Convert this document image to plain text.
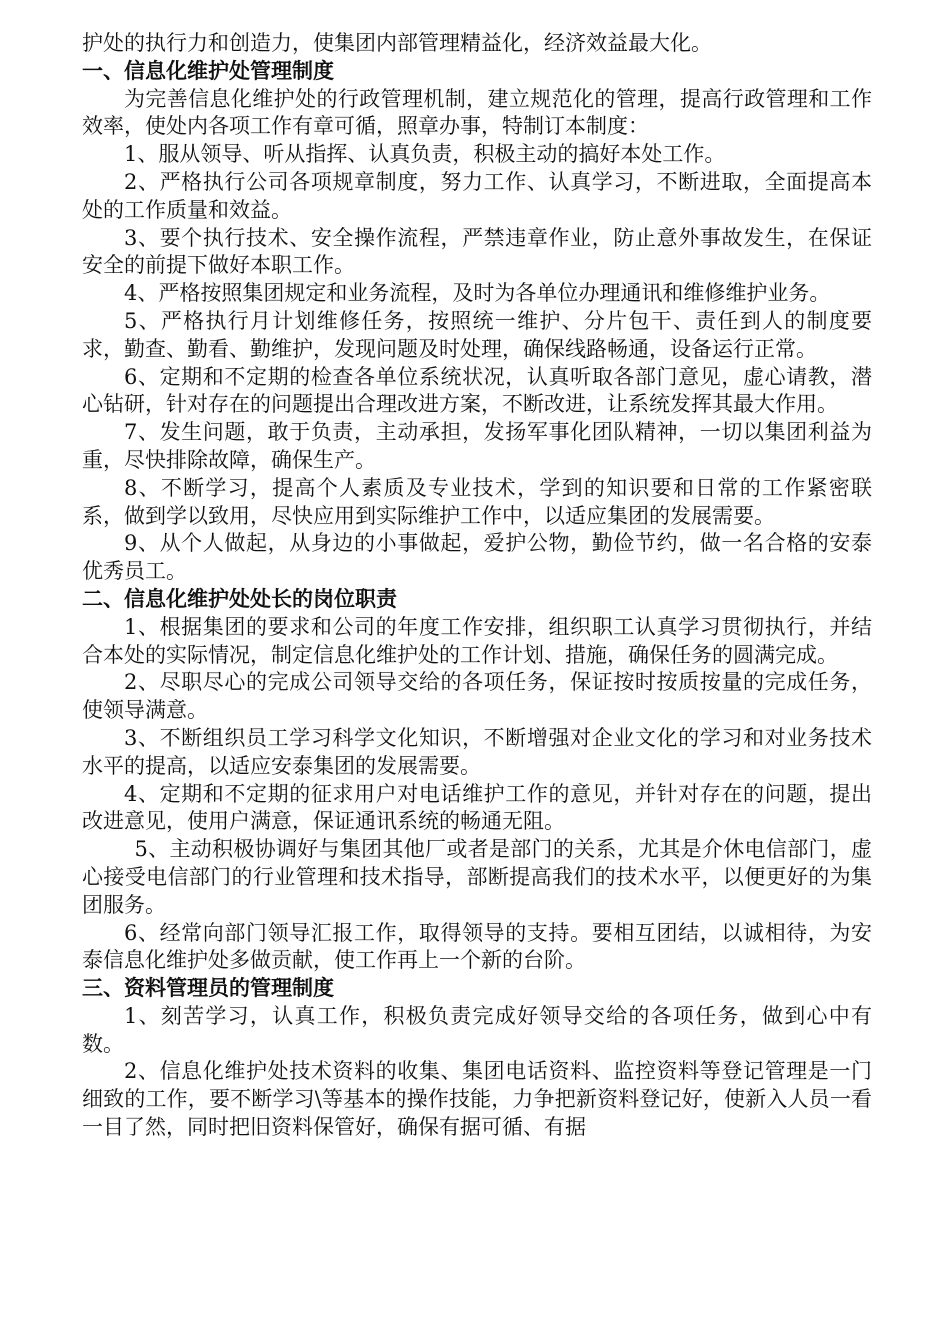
护处的执行力和创造力，使集团内部管理精益化，经济效益最大化。

一、信息化维护处管理制度

为完善信息化维护处的行政管理机制，建立规范化的管理，提高行政管理和工作效率，使处内各项工作有章可循，照章办事，特制订本制度：

1、服从领导、听从指挥、认真负责，积极主动的搞好本处工作。

2、严格执行公司各项规章制度，努力工作、认真学习，不断进取，全面提高本处的工作质量和效益。

3、要个执行技术、安全操作流程，严禁违章作业，防止意外事故发生，在保证安全的前提下做好本职工作。

4、严格按照集团规定和业务流程，及时为各单位办理通讯和维修维护业务。

5、严格执行月计划维修任务，按照统一维护、分片包干、责任到人的制度要求，勤查、勤看、勤维护，发现问题及时处理，确保线路畅通，设备运行正常。

6、定期和不定期的检查各单位系统状况，认真听取各部门意见，虚心请教，潜心钻研，针对存在的问题提出合理改进方案，不断改进，让系统发挥其最大作用。

7、发生问题，敢于负责，主动承担，发扬军事化团队精神，一切以集团利益为重，尽快排除故障，确保生产。

8、不断学习，提高个人素质及专业技术，学到的知识要和日常的工作紧密联系，做到学以致用，尽快应用到实际维护工作中，以适应集团的发展需要。

9、从个人做起，从身边的小事做起，爱护公物，勤俭节约，做一名合格的安泰优秀员工。

二、信息化维护处处长的岗位职责

1、根据集团的要求和公司的年度工作安排，组织职工认真学习贯彻执行，并结合本处的实际情况，制定信息化维护处的工作计划、措施，确保任务的圆满完成。

2、尽职尽心的完成公司领导交给的各项任务，保证按时按质按量的完成任务，使领导满意。

3、不断组织员工学习科学文化知识，不断增强对企业文化的学习和对业务技术水平的提高，以适应安泰集团的发展需要。

4、定期和不定期的征求用户对电话维护工作的意见，并针对存在的问题，提出改进意见，使用户满意，保证通讯系统的畅通无阻。

5、主动积极协调好与集团其他厂或者是部门的关系，尤其是介休电信部门，虚心接受电信部门的行业管理和技术指导，部断提高我们的技术水平，以便更好的为集团服务。

6、经常向部门领导汇报工作，取得领导的支持。要相互团结，以诚相待，为安泰信息化维护处多做贡献，使工作再上一个新的台阶。

三、资料管理员的管理制度

1、刻苦学习，认真工作，积极负责完成好领导交给的各项任务，做到心中有数。

2、信息化维护处技术资料的收集、集团电话资料、监控资料等登记管理是一门细致的工作，要不断学习\等基本的操作技能，力争把新资料登记好，使新入人员一看一目了然，同时把旧资料保管好，确保有据可循、有据
